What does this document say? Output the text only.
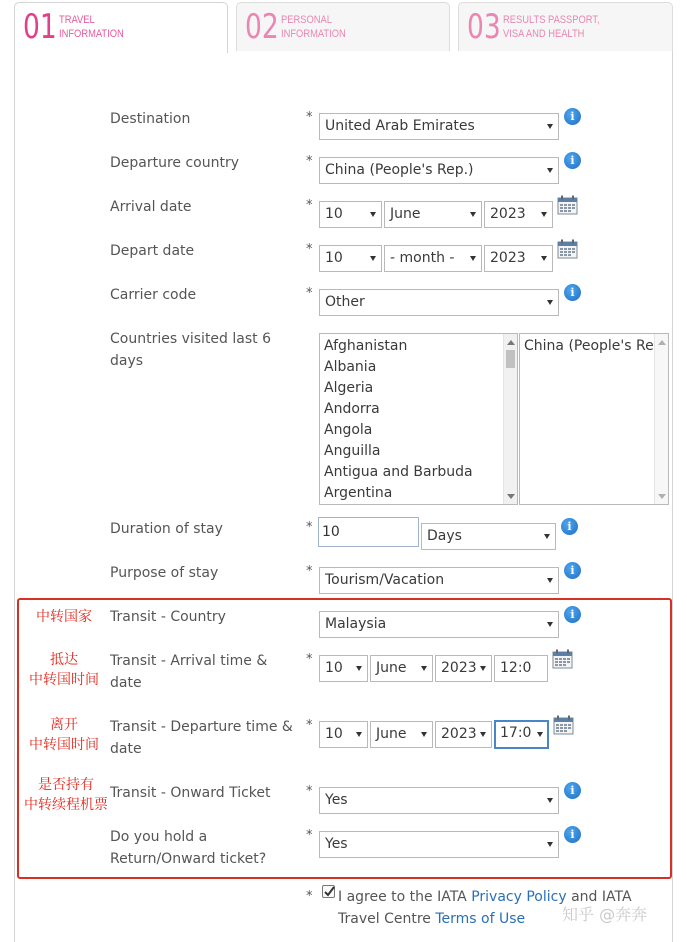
01 TRAVEL INFORMATION	02 PERSONAL INFORMATION	03 RESULTS PASSPORT, VISA AND HEALTH
Destination	*
United Arab Emirates
i
Departure country	*
China (People's Rep.)
i
Arrival date	*
10	June	2023
Depart date	*
10	- month -	2023
Carrier code	*
Other
i
Countries visited last 6 days
Afghanistan
Albania
Algeria
Andorra
Angola
Anguilla
Antigua and Barbuda
Argentina
China (People's Re
Duration of stay	* 10	Days
i
Purpose of stay	*
Tourism/Vacation
i
中转国家	Transit - Country	Malaysia
i
抵达
中转国时间
Transit - Arrival time & date
*
10	June	2023	12:0
离开
中转国时间
Transit - Departure time & date
*
10	June	2023	17:0
是否持有
中转续程机票
Transit - Onward Ticket	*
Yes
i
Do you hold a Return/Onward ticket?
*
Yes
i
* I agree to the IATA Privacy Policy and IATA Travel Centre Terms of Use	知乎 @奔奔
